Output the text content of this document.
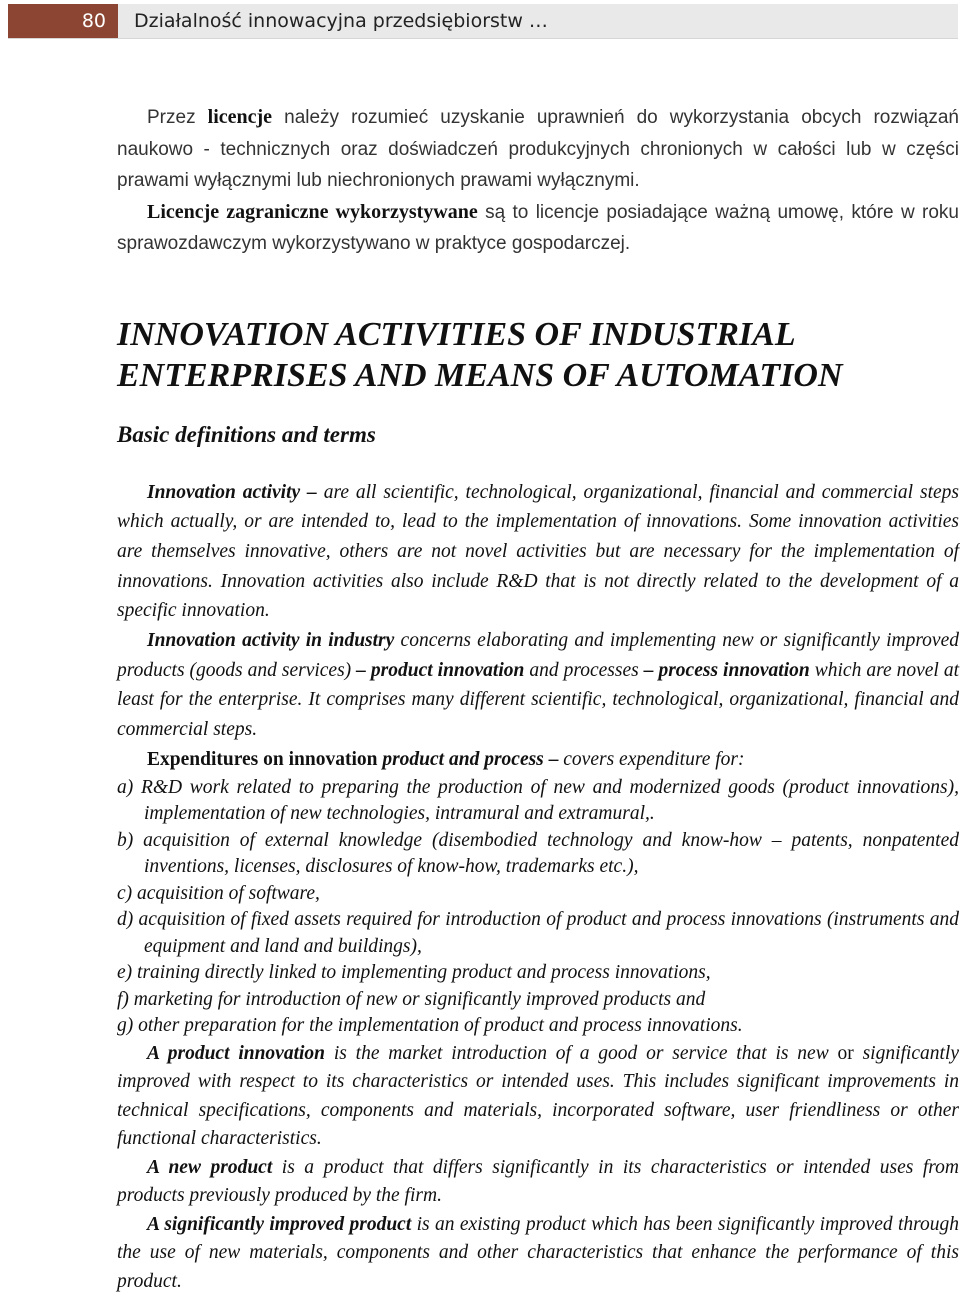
80	Działalność innowacyjna przedsiębiorstw …

Przez licencje należy rozumieć uzyskanie uprawnień do wykorzystania obcych rozwiązań naukowo - technicznych oraz doświadczeń produkcyjnych chronionych w całości lub w części prawami wyłącznymi lub niechronionych prawami wyłącznymi.

Licencje zagraniczne wykorzystywane są to licencje posiadające ważną umowę, które w roku sprawozdawczym wykorzystywano w praktyce gospodarczej.

INNOVATION ACTIVITIES OF INDUSTRIAL
ENTERPRISES AND MEANS OF AUTOMATION
Basic definitions and terms

Innovation activity – are all scientific, technological, organizational, financial and commercial steps which actually, or are intended to, lead to the implementation of innovations. Some innovation activities are themselves innovative, others are not novel activities but are necessary for the implementation of innovations. Innovation activities also include R&D that is not directly related to the development of a specific innovation.

Innovation activity in industry concerns elaborating and implementing new or significantly improved products (goods and services) – product innovation and processes – process innovation which are novel at least for the enterprise. It comprises many different scientific, technological, organizational, financial and commercial steps.

Expenditures on innovation product and process – covers expenditure for:

a) R&D work related to preparing the production of new and modernized goods (product innovations), implementation of new technologies, intramural and extramural,.

b) acquisition of external knowledge (disembodied technology and know-how – patents, nonpatented inventions, licenses, disclosures of know-how, trademarks etc.),

c) acquisition of software,

d) acquisition of fixed assets required for introduction of product and process innovations (instruments and equipment and land and buildings),

e) training directly linked to implementing product and process innovations,

f) marketing for introduction of new or significantly improved products and

g) other preparation for the implementation of product and process innovations.

A product innovation is the market introduction of a good or service that is new or significantly improved with respect to its characteristics or intended uses. This includes significant improvements in technical specifications, components and materials, incorporated software, user friendliness or other functional characteristics.

A new product is a product that differs significantly in its characteristics or intended uses from products previously produced by the firm.

A significantly improved product is an existing product which has been significantly improved through the use of new materials, components and other characteristics that enhance the performance of this product.
